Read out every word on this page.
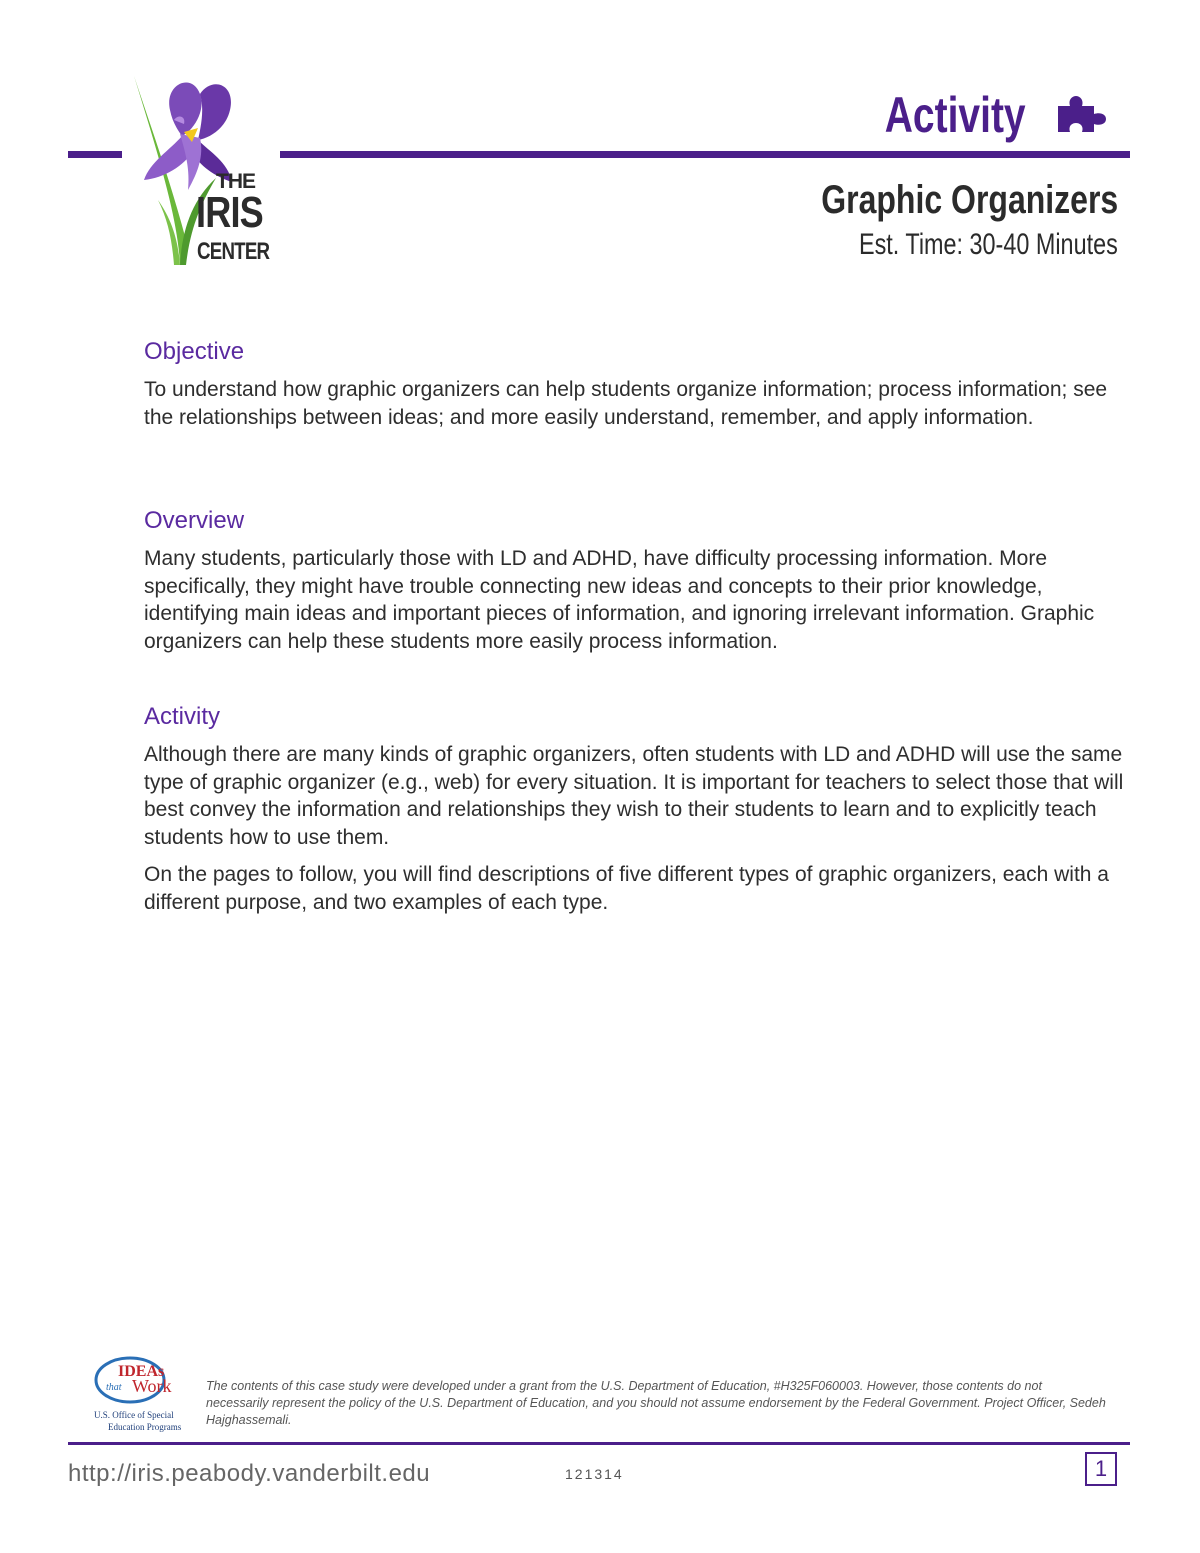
THE
IRIS
CENTER
Activity
Graphic Organizers
Est. Time: 30-40 Minutes
Objective

To understand how graphic organizers can help students organize information; process information; see the relationships between ideas; and more easily understand, remember, and apply information.

Overview

Many students, particularly those with LD and ADHD, have difficulty processing information. More specifically, they might have trouble connecting new ideas and concepts to their prior knowledge, identifying main ideas and important pieces of information, and ignoring irrelevant information. Graphic organizers can help these students more easily process information.

Activity

Although there are many kinds of graphic organizers, often students with LD and ADHD will use the same type of graphic organizer (e.g., web) for every situation. It is important for teachers to select those that will best convey the information and relationships they wish to their students to learn and to explicitly teach students how to use them.

On the pages to follow, you will find descriptions of five different types of graphic organizers, each with a different purpose, and two examples of each type.

IDEAs
that Work
U.S. Office of Special
Education Programs
The contents of this case study were developed under a grant from the U.S. Department of Education, #H325F060003. However, those contents do not necessarily represent the policy of the U.S. Department of Education, and you should not assume endorsement by the Federal Government. Project Officer, Sedeh Hajghassemali.
http://iris.peabody.vanderbilt.edu	121314	1
